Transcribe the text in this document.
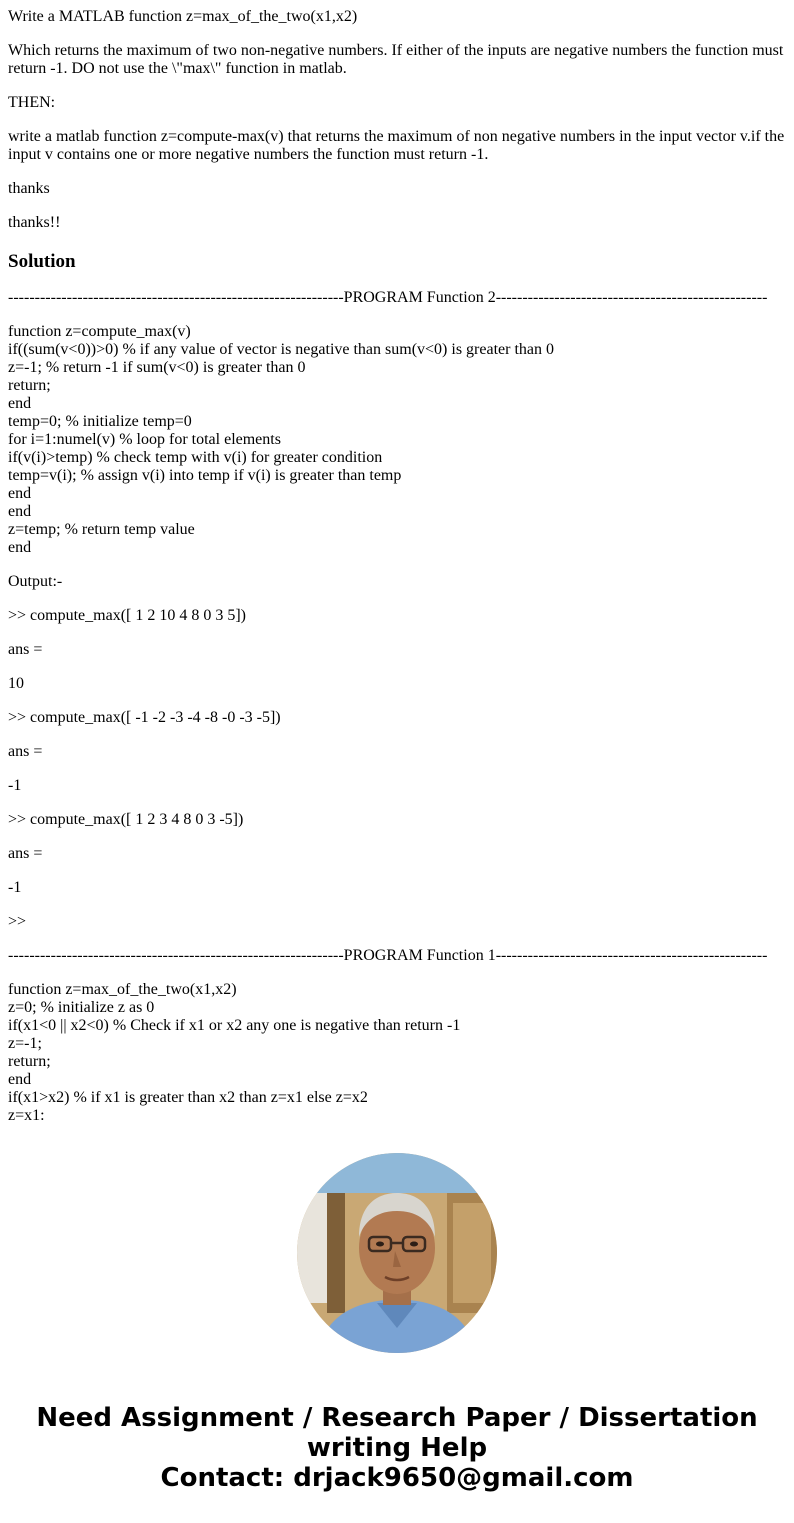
Write a MATLAB function z=max_of_the_two(x1,x2)

Which returns the maximum of two non-negative numbers. If either of the inputs are negative numbers the function must return -1. DO not use the \"max\" function in matlab.

THEN:

write a matlab function z=compute-max(v) that returns the maximum of non negative numbers in the input vector v.if the input v contains one or more negative numbers the function must return -1.

thanks

thanks!!

Solution
---------------------------------------------------------------PROGRAM Function 2---------------------------------------------------
function z=compute_max(v)
if((sum(v<0))>0) % if any value of vector is negative than sum(v<0) is greater than 0
z=-1; % return -1 if sum(v<0) is greater than 0
return;
end
temp=0; % initialize temp=0
for i=1:numel(v) % loop for total elements
if(v(i)>temp) % check temp with v(i) for greater condition
temp=v(i); % assign v(i) into temp if v(i) is greater than temp
end
end
z=temp; % return temp value
end

Output:-

>> compute_max([ 1 2 10 4 8 0 3 5])

ans =

10

>> compute_max([ -1 -2 -3 -4 -8 -0 -3 -5])

ans =

-1

>> compute_max([ 1 2 3 4 8 0 3 -5])

ans =

-1

>>

---------------------------------------------------------------PROGRAM Function 1---------------------------------------------------
function z=max_of_the_two(x1,x2)
z=0; % initialize z as 0
if(x1<0 || x2<0) % Check if x1 or x2 any one is negative than return -1
z=-1;
return;
end
if(x1>x2) % if x1 is greater than x2 than z=x1 else z=x2
z=x1:
Need Assignment / Research Paper / Dissertation
writing Help
Contact: drjack9650@gmail.com
